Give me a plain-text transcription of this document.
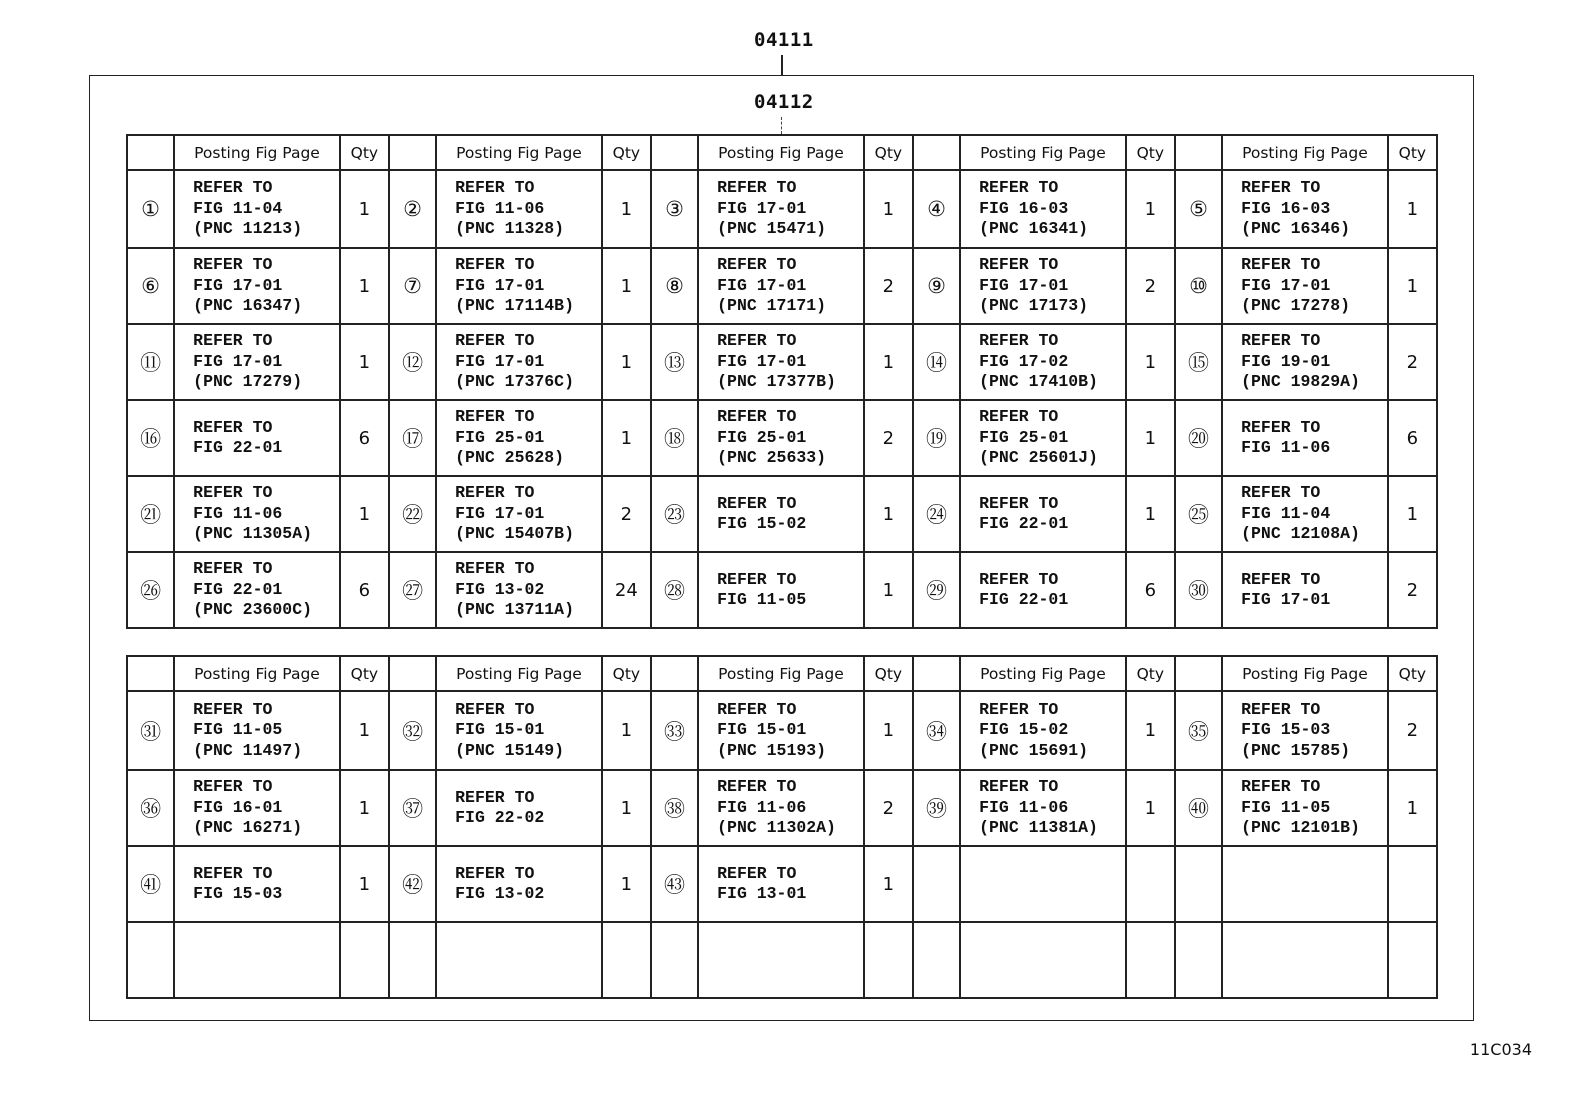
04111
04112
	Posting Fig Page	Qty		Posting Fig Page	Qty		Posting Fig Page	Qty		Posting Fig Page	Qty		Posting Fig Page	Qty
①	REFER TO
FIG 11-04
(PNC 11213)	1	②	REFER TO
FIG 11-06
(PNC 11328)	1	③	REFER TO
FIG 17-01
(PNC 15471)	1	④	REFER TO
FIG 16-03
(PNC 16341)	1	⑤	REFER TO
FIG 16-03
(PNC 16346)	1
⑥	REFER TO
FIG 17-01
(PNC 16347)	1	⑦	REFER TO
FIG 17-01
(PNC 17114B)	1	⑧	REFER TO
FIG 17-01
(PNC 17171)	2	⑨	REFER TO
FIG 17-01
(PNC 17173)	2	⑩	REFER TO
FIG 17-01
(PNC 17278)	1
⑪	REFER TO
FIG 17-01
(PNC 17279)	1	⑫	REFER TO
FIG 17-01
(PNC 17376C)	1	⑬	REFER TO
FIG 17-01
(PNC 17377B)	1	⑭	REFER TO
FIG 17-02
(PNC 17410B)	1	⑮	REFER TO
FIG 19-01
(PNC 19829A)	2
⑯	REFER TO
FIG 22-01	6	⑰	REFER TO
FIG 25-01
(PNC 25628)	1	⑱	REFER TO
FIG 25-01
(PNC 25633)	2	⑲	REFER TO
FIG 25-01
(PNC 25601J)	1	⑳	REFER TO
FIG 11-06	6
㉑	REFER TO
FIG 11-06
(PNC 11305A)	1	㉒	REFER TO
FIG 17-01
(PNC 15407B)	2	㉓	REFER TO
FIG 15-02	1	㉔	REFER TO
FIG 22-01	1	㉕	REFER TO
FIG 11-04
(PNC 12108A)	1
㉖	REFER TO
FIG 22-01
(PNC 23600C)	6	㉗	REFER TO
FIG 13-02
(PNC 13711A)	24	㉘	REFER TO
FIG 11-05	1	㉙	REFER TO
FIG 22-01	6	㉚	REFER TO
FIG 17-01	2
	Posting Fig Page	Qty		Posting Fig Page	Qty		Posting Fig Page	Qty		Posting Fig Page	Qty		Posting Fig Page	Qty
㉛	REFER TO
FIG 11-05
(PNC 11497)	1	㉜	REFER TO
FIG 15-01
(PNC 15149)	1	㉝	REFER TO
FIG 15-01
(PNC 15193)	1	㉞	REFER TO
FIG 15-02
(PNC 15691)	1	㉟	REFER TO
FIG 15-03
(PNC 15785)	2
㊱	REFER TO
FIG 16-01
(PNC 16271)	1	㊲	REFER TO
FIG 22-02	1	㊳	REFER TO
FIG 11-06
(PNC 11302A)	2	㊴	REFER TO
FIG 11-06
(PNC 11381A)	1	㊵	REFER TO
FIG 11-05
(PNC 12101B)	1
㊶	REFER TO
FIG 15-03	1	㊷	REFER TO
FIG 13-02	1	㊸	REFER TO
FIG 13-01	1						

11C034
